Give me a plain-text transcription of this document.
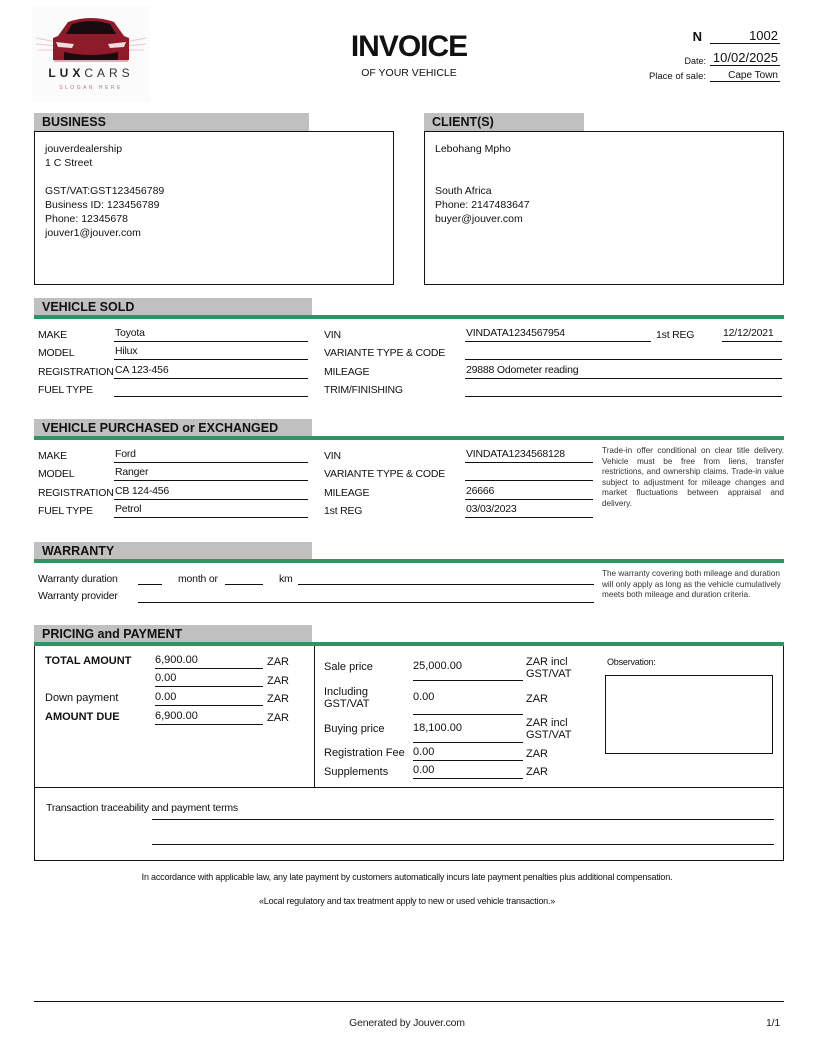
LUXCARS
SLOGAN HERE
INVOICE
OF YOUR VEHICLE
N	1002
Date: 10/02/2025
Place of sale:	Cape Town
BUSINESS
jouverdealership
1 C Street
GST/VAT:GST123456789
Business ID: 123456789
Phone: 12345678
jouver1@jouver.com
CLIENT(S)
Lebohang Mpho
South Africa
Phone: 2147483647
buyer@jouver.com
VEHICLE SOLD
MAKE	Toyota
MODEL	Hilux
REGISTRATION CA 123-456
FUEL TYPE
VIN	VINDATA1234567954	1st REG	12/12/2021
VARIANTE TYPE & CODE
MILEAGE	29888 Odometer reading
TRIM/FINISHING
VEHICLE PURCHASED or EXCHANGED
MAKE	Ford
MODEL	Ranger
REGISTRATION CB 124-456
FUEL TYPE Petrol
VIN	VINDATA1234568128
VARIANTE TYPE & CODE
MILEAGE	26666
1st REG	03/03/2023
Trade-in offer conditional on clear title delivery. Vehicle must be free from liens, transfer restrictions, and ownership claims. Trade-in value subject to adjustment for mileage changes and market fluctuations between appraisal and delivery.
WARRANTY
Warranty duration	month or	km
Warranty provider
The warranty covering both mileage and duration will only apply as long as the vehicle cumulatively meets both mileage and duration criteria.
PRICING and PAYMENT
TOTAL AMOUNT 6,900.00	ZAR
0.00	ZAR
Down payment	0.00	ZAR
AMOUNT DUE	6,900.00	ZAR
Sale price	25,000.00	ZAR incl GST/VAT
Including GST/VAT
0.00	ZAR
Buying price	18,100.00	ZAR incl GST/VAT
Registration Fee 0.00	ZAR
Supplements 0.00	ZAR
Observation:
Transaction traceability and payment terms
In accordance with applicable law, any late payment by customers automatically incurs late payment penalties plus additional compensation.
«Local regulatory and tax treatment apply to new or used vehicle transaction.»
Generated by Jouver.com	1/1
